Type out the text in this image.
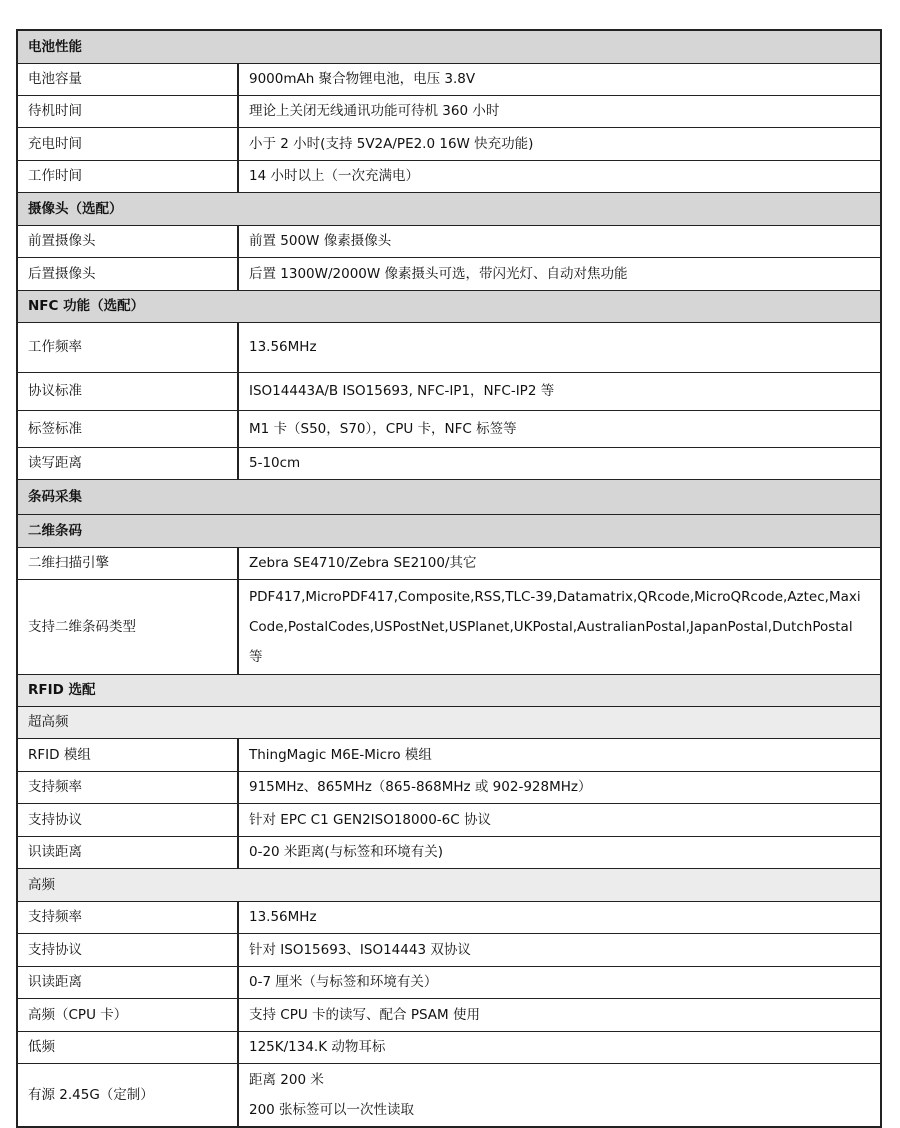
电池性能	
电池容量	9000mAh 聚合物锂电池，电压 3.8V
待机时间	理论上关闭无线通讯功能可待机 360 小时
充电时间	小于 2 小时(支持 5V2A/PE2.0 16W 快充功能)
工作时间	14 小时以上（一次充满电）
摄像头（选配）	
前置摄像头	前置 500W 像素摄像头
后置摄像头	后置 1300W/2000W 像素摄头可选，带闪光灯、自动对焦功能
NFC 功能（选配）	
工作频率	13.56MHz
协议标准	ISO14443A/B ISO15693, NFC-IP1，NFC-IP2 等
标签标准	M1 卡（S50，S70），CPU 卡，NFC 标签等
读写距离	5-10cm
条码采集	
二维条码	
二维扫描引擎	Zebra SE4710/Zebra SE2100/其它
支持二维条码类型	PDF417,MicroPDF417,Composite,RSS,TLC-39,Datamatrix,QRcode,MicroQRcode,Aztec,MaxiCode,PostalCodes,USPostNet,USPlanet,UKPostal,AustralianPostal,JapanPostal,DutchPostal 等
RFID 选配	
超高频	
RFID 模组	ThingMagic M6E-Micro 模组
支持频率	915MHz、865MHz（865-868MHz 或 902-928MHz）
支持协议	针对 EPC C1 GEN2ISO18000-6C 协议
识读距离	0-20 米距离(与标签和环境有关)
高频	
支持频率	13.56MHz
支持协议	针对 ISO15693、ISO14443 双协议
识读距离	0-7 厘米（与标签和环境有关）
高频（CPU 卡）	支持 CPU 卡的读写、配合 PSAM 使用
低频	125K/134.K 动物耳标
有源 2.45G（定制）	距离 200 米
200 张标签可以一次性读取
